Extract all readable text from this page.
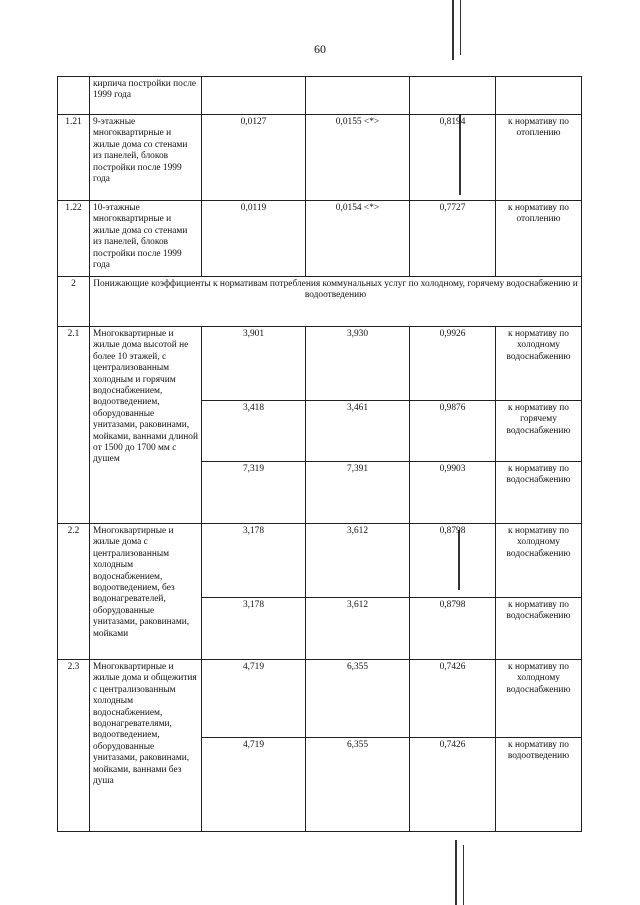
60
	кирпича постройки после 1999 года				
1.21	9-этажные многоквартирные и жилые дома со стенами из панелей, блоков постройки после 1999 года	0,0127	0,0155 <*>	0,8194	к нормативу по отоплению
1.22	10-этажные многоквартирные и жилые дома со стенами из панелей, блоков постройки после 1999 года	0,0119	0,0154 <*>	0,7727	к нормативу по отоплению
2	Понижающие коэффициенты к нормативам потребления коммунальных услуг по холодному, горячему водоснабжению и водоотведению				
2.1	Многоквартирные и жилые дома высотой не более 10 этажей, с централизованным холодным и горячим водоснабжением, водоотведением, оборудованные унитазами, раковинами, мойками, ваннами длиной от 1500 до 1700 мм с душем	3,901	3,930	0,9926	к нормативу по холодному водоснабжению
		3,418	3,461	0,9876	к нормативу по горячему водоснабжению
		7,319	7,391	0,9903	к нормативу по водоснабжению
2.2	Многоквартирные и жилые дома с централизованным холодным водоснабжением, водоотведением, без водонагревателей, оборудованные унитазами, раковинами, мойками	3,178	3,612	0,8798	к нормативу по холодному водоснабжению
		3,178	3,612	0,8798	к нормативу по водоснабжению
2.3	Многоквартирные и жилые дома и общежития с централизованным холодным водоснабжением, водонагревателями, водоотведением, оборудованные унитазами, раковинами, мойками, ваннами без душа	4,719	6,355	0,7426	к нормативу по холодному водоснабжению
		4,719	6,355	0,7426	к нормативу по водоотведению
